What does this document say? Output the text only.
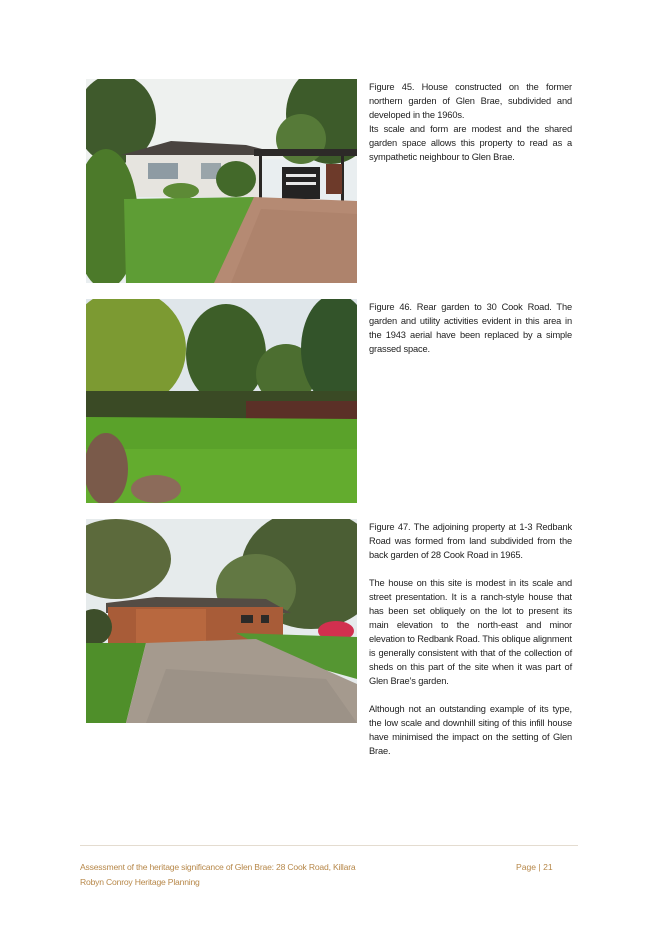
Figure 45. House constructed on the former northern garden of Glen Brae, subdivided and developed in the 1960s.

Its scale and form are modest and the shared garden space allows this property to read as a sympathetic neighbour to Glen Brae.

Figure 46. Rear garden to 30 Cook Road. The garden and utility activities evident in this area in the 1943 aerial have been replaced by a simple grassed space.

Figure 47. The adjoining property at 1-3 Redbank Road was formed from land subdivided from the back garden of 28 Cook Road in 1965.

The house on this site is modest in its scale and street presentation. It is a ranch-style house that has been set obliquely on the lot to present its main elevation to the north-east and minor elevation to Redbank Road. This oblique alignment is generally consistent with that of the collection of sheds on this part of the site when it was part of Glen Brae’s garden.

Although not an outstanding example of its type, the low scale and downhill siting of this infill house have minimised the impact on the setting of Glen Brae.

Assessment of the heritage significance of Glen Brae: 28 Cook Road, Killara
Robyn Conroy Heritage Planning
Page | 21
